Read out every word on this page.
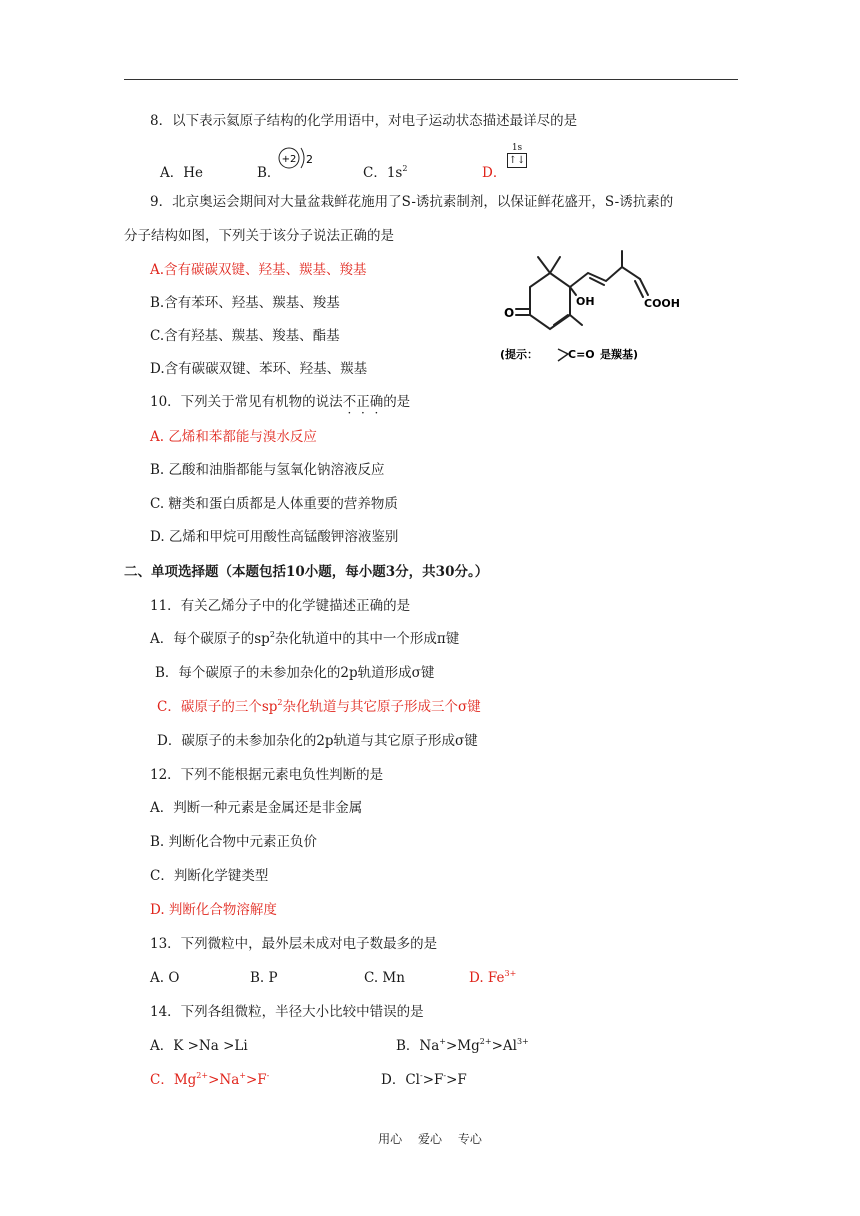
8．以下表示氦原子结构的化学用语中，对电子运动状态描述最详尽的是
A．He	B．
+2 2
C．$1s^2$	D．
1s
↑↓
9．北京奥运会期间对大量盆栽鲜花施用了S-诱抗素制剂，以保证鲜花盛开，S-诱抗素的
分子结构如图，下列关于该分子说法正确的是
A.含有碳碳双键、羟基、羰基、羧基
B.含有苯环、羟基、羰基、羧基
C.含有羟基、羰基、羧基、酯基
D.含有碳碳双键、苯环、羟基、羰基
OH	COOH
O
(提示：	C=O 是羰基)
10．下列关于常见有机物的说法不正确的是
A. 乙烯和苯都能与溴水反应
B. 乙酸和油脂都能与氢氧化钠溶液反应
C. 糖类和蛋白质都是人体重要的营养物质
D. 乙烯和甲烷可用酸性高锰酸钾溶液鉴别
二、单项选择题（本题包括10小题，每小题3分，共30分。）
11．有关乙烯分子中的化学键描述正确的是
A．每个碳原子的$sp^2$杂化轨道中的其中一个形成π键
B．每个碳原子的未参加杂化的2p轨道形成σ键
C．碳原子的三个$sp^2$杂化轨道与其它原子形成三个σ键
D．碳原子的未参加杂化的2p轨道与其它原子形成σ键
12．下列不能根据元素电负性判断的是
A．判断一种元素是金属还是非金属
B. 判断化合物中元素正负价
C．判断化学键类型
D. 判断化合物溶解度
13．下列微粒中，最外层未成对电子数最多的是
A. O	B. P	C. Mn	D. $Fe^{3+}$
14．下列各组微粒，半径大小比较中错误的是
A．K >Na >Li	B．$Na^+>Mg^{2+}>Al^{3+}$
C．$Mg^{2+}>Na^+>F^-$	D．Cl->F->F
用心 爱心 专心
